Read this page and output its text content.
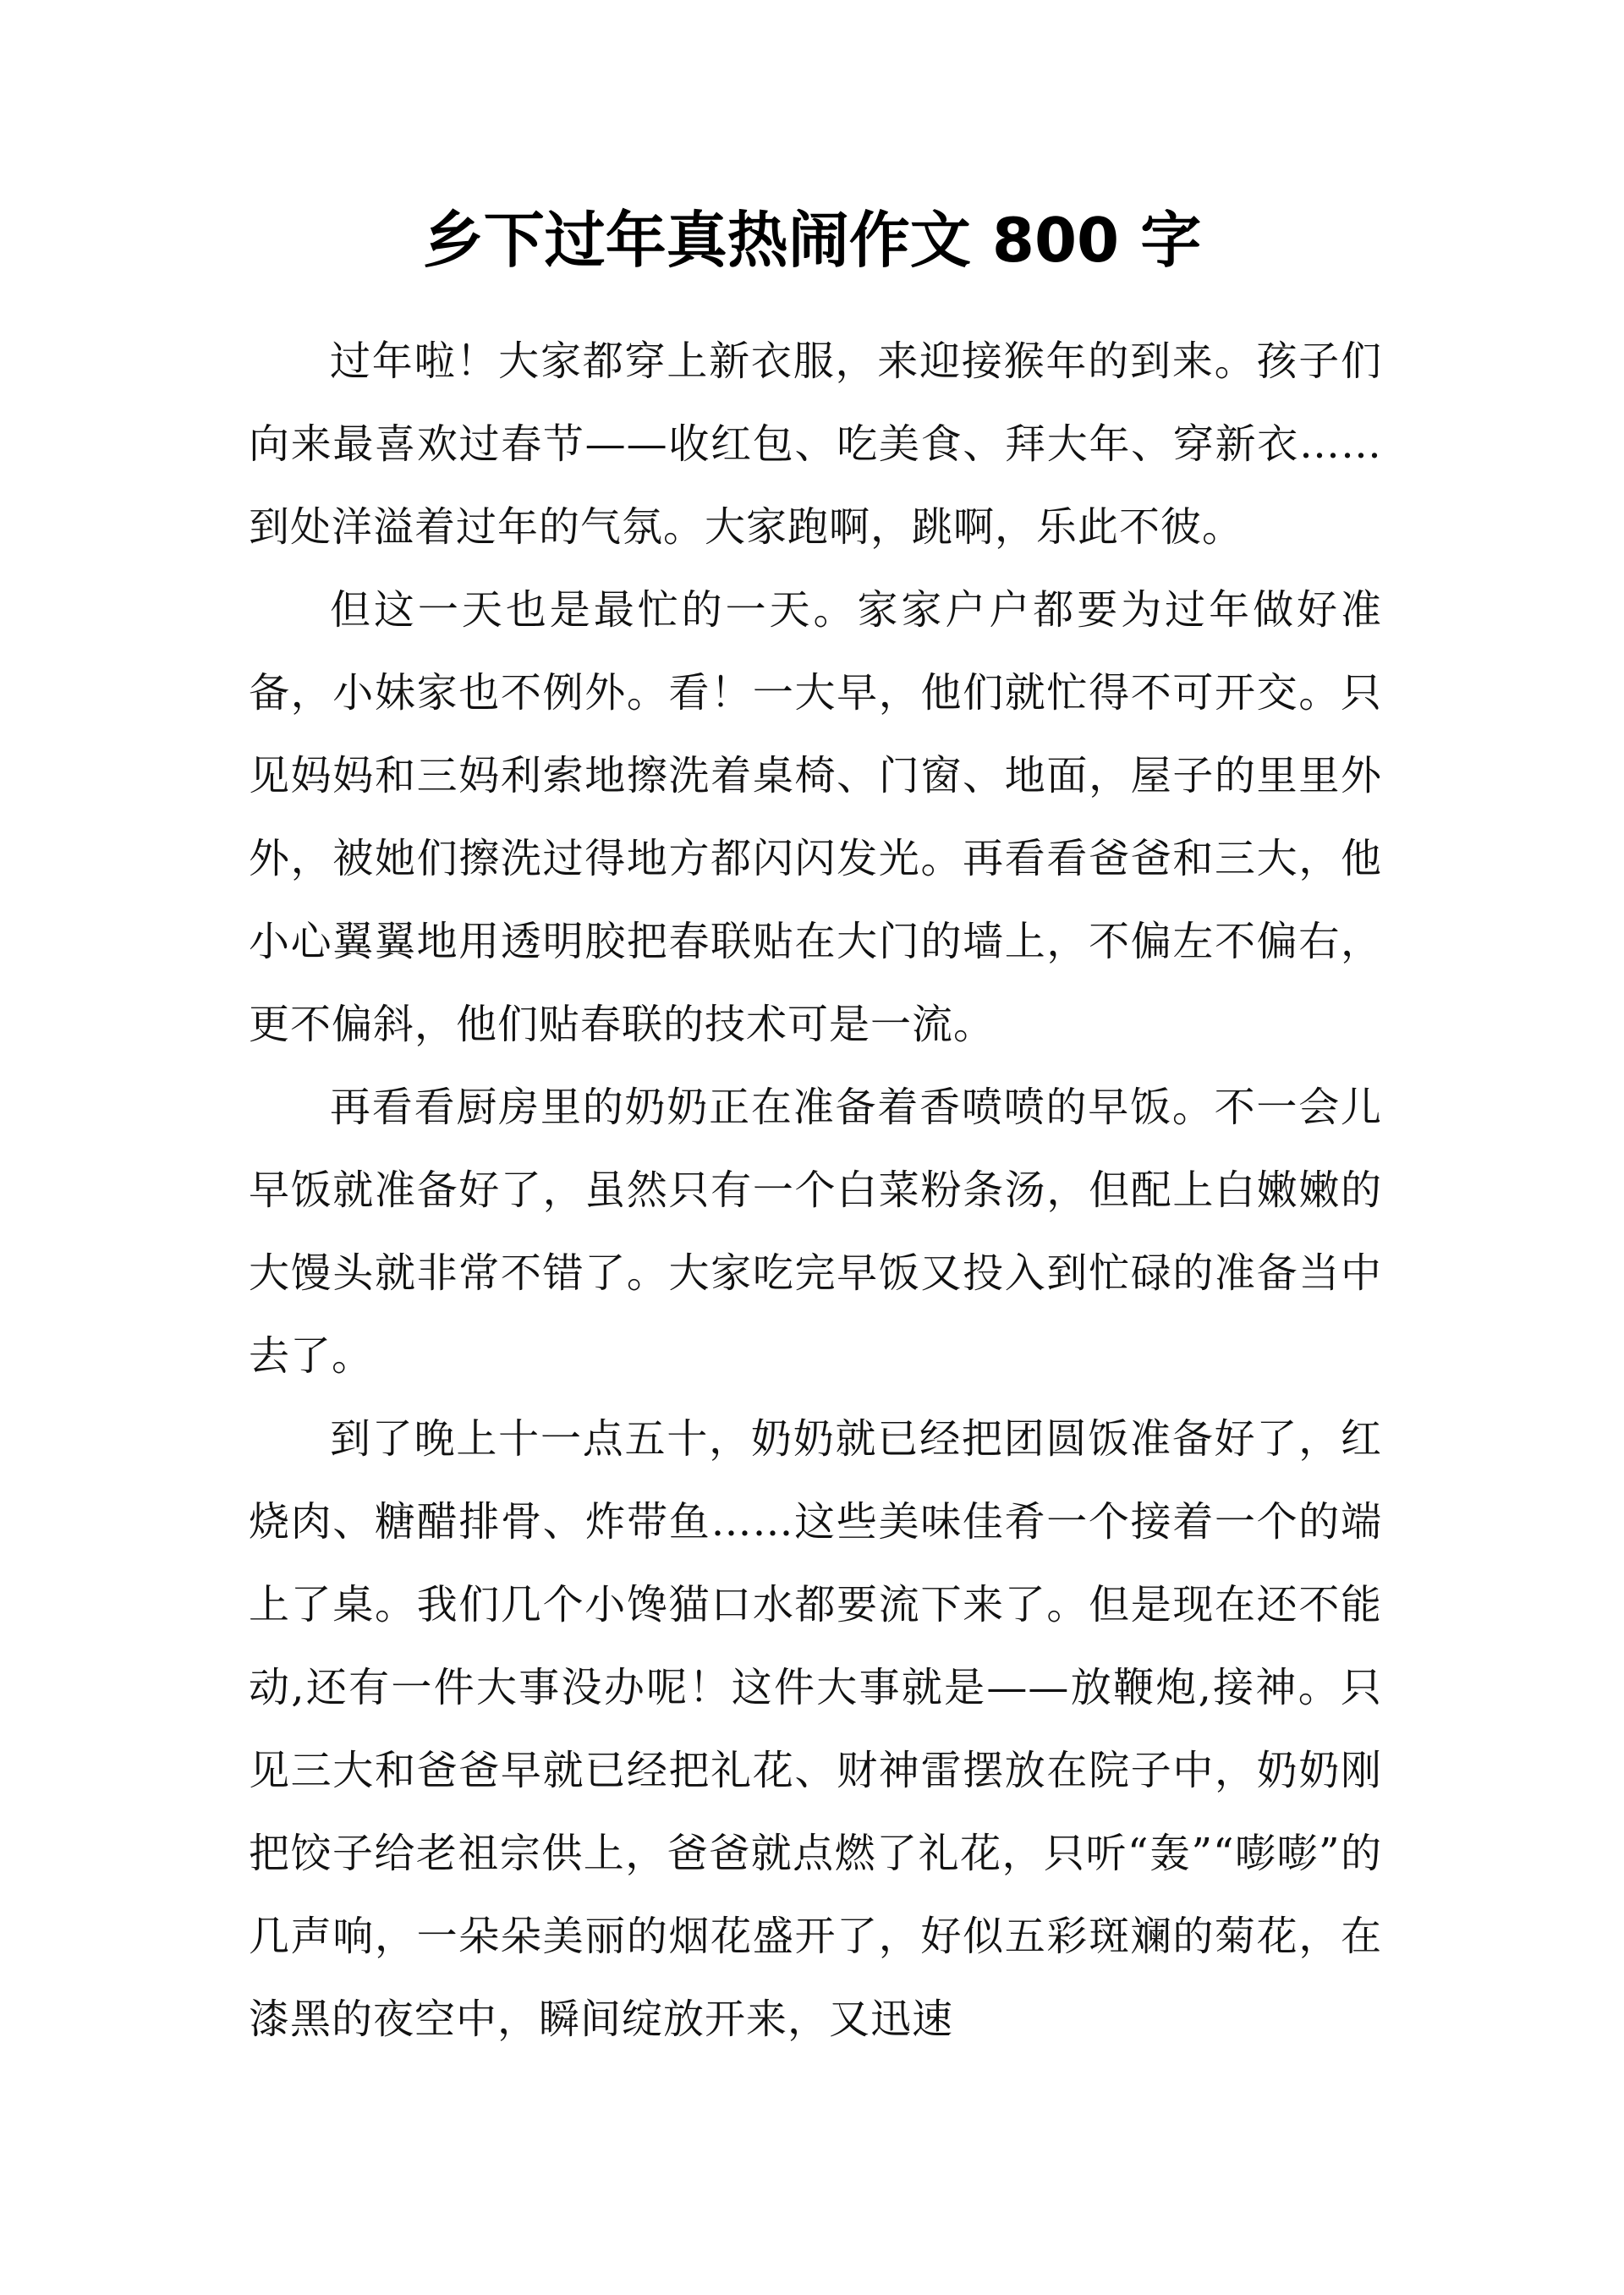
乡下过年真热闹作文 800 字

过年啦！大家都穿上新衣服，来迎接猴年的到来。孩子们向来最喜欢过春节——收红包、吃美食、拜大年、穿新衣……到处洋溢着过年的气氛。大家跑啊，跳啊，乐此不彼。

但这一天也是最忙的一天。家家户户都要为过年做好准备，小妹家也不例外。看！一大早，他们就忙得不可开交。只见妈妈和三妈利索地擦洗着桌椅、门窗、地面，屋子的里里外外，被她们擦洗过得地方都闪闪发光。再看看爸爸和三大，他小心翼翼地用透明胶把春联贴在大门的墙上，不偏左不偏右，更不偏斜，他们贴春联的技术可是一流。

再看看厨房里的奶奶正在准备着香喷喷的早饭。不一会儿早饭就准备好了，虽然只有一个白菜粉条汤，但配上白嫩嫩的大馒头就非常不错了。大家吃完早饭又投入到忙碌的准备当中去了。

到了晚上十一点五十，奶奶就已经把团圆饭准备好了，红烧肉、糖醋排骨、炸带鱼……这些美味佳肴一个接着一个的端上了桌。我们几个小馋猫口水都要流下来了。但是现在还不能动,还有一件大事没办呢！这件大事就是——放鞭炮,接神。只见三大和爸爸早就已经把礼花、财神雷摆放在院子中，奶奶刚把饺子给老祖宗供上，爸爸就点燃了礼花，只听“轰”“嘭嘭”的几声响，一朵朵美丽的烟花盛开了，好似五彩斑斓的菊花，在漆黑的夜空中，瞬间绽放开来，又迅速
